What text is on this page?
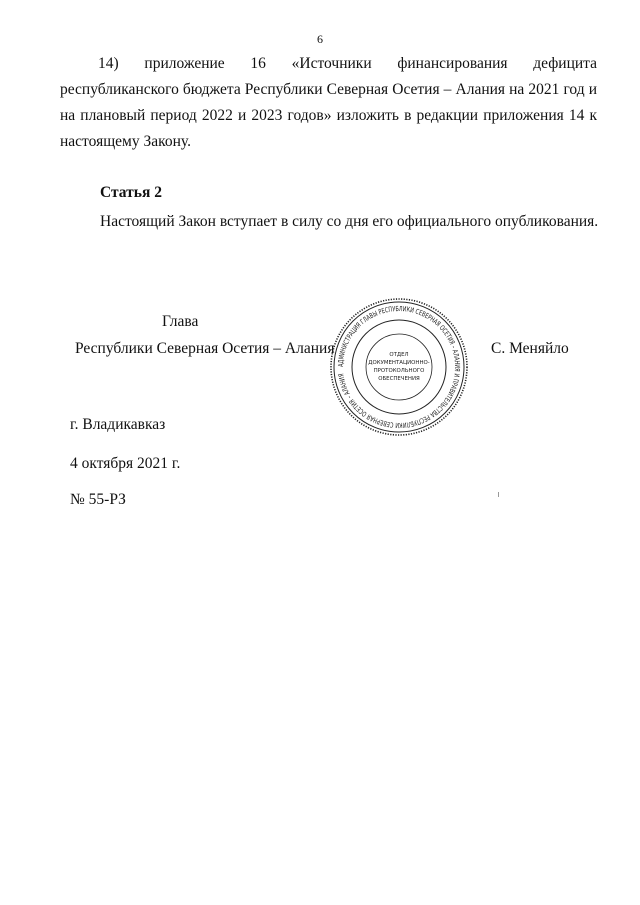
6
14) приложение 16 «Источники финансирования дефицита
республиканского бюджета Республики Северная Осетия – Алания на 2021 год и
на плановый период 2022 и 2023 годов» изложить в редакции приложения 14 к
настоящему Закону.
Статья 2
Настоящий Закон вступает в силу со дня его официального опубликования.
Глава
Республики Северная Осетия – Алания	С. Меняйло
АДМИНИСТРАЦИЯ ГЛАВЫ РЕСПУБЛИКИ СЕВЕРНАЯ ОСЕТИЯ – АЛАНИЯ И ПРАВИТЕЛЬСТВА РЕСПУБЛИКИ СЕВЕРНАЯ ОСЕТИЯ – АЛАНИЯ
ОТДЕЛ
ДОКУМЕНТАЦИОННО-
ПРОТОКОЛЬНОГО
ОБЕСПЕЧЕНИЯ
г. Владикавказ
4 октября 2021 г.
№ 55-РЗ
